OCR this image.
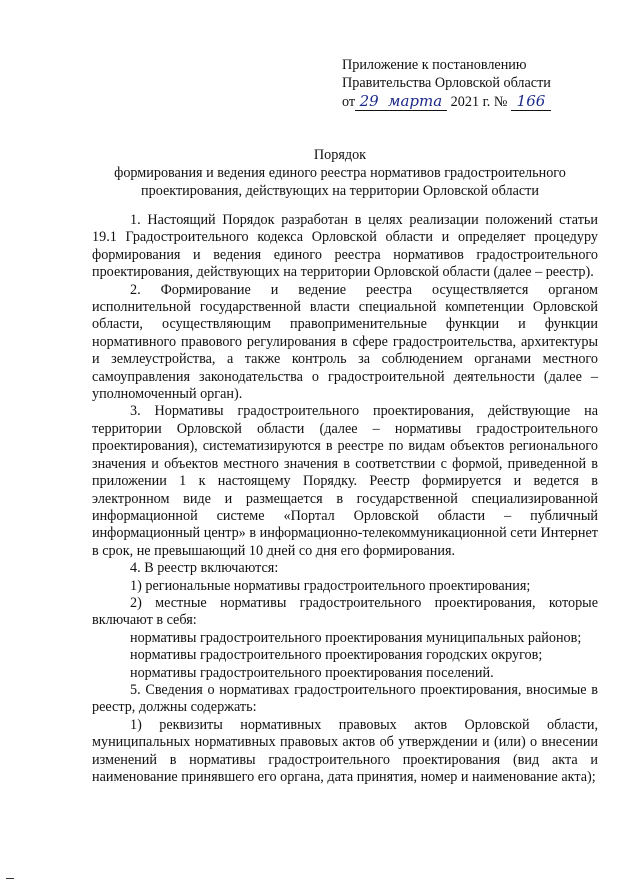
Приложение к постановлению
Правительства Орловской области
от 29 марта 2021 г. № 166
Порядок
формирования и ведения единого реестра нормативов градостроительного
проектирования, действующих на территории Орловской области

1. Настоящий Порядок разработан в целях реализации положений статьи 19.1 Градостроительного кодекса Орловской области и определяет процедуру формирования и ведения единого реестра нормативов градостроительного проектирования, действующих на территории Орловской области (далее – реестр).

2. Формирование и ведение реестра осуществляется органом исполнительной государственной власти специальной компетенции Орловской области, осуществляющим правоприменительные функции и функции нормативного правового регулирования в сфере градостроительства, архитектуры и землеустройства, а также контроль за соблюдением органами местного самоуправления законодательства о градостроительной деятельности (далее – уполномоченный орган).

3. Нормативы градостроительного проектирования, действующие на территории Орловской области (далее – нормативы градостроительного проектирования), систематизируются в реестре по видам объектов регионального значения и объектов местного значения в соответствии с формой, приведенной в приложении 1 к настоящему Порядку. Реестр формируется и ведется в электронном виде и размещается в государственной специализированной информационной системе «Портал Орловской области – публичный информационный центр» в информационно-телекоммуникационной сети Интернет в срок, не превышающий 10 дней со дня его формирования.

4. В реестр включаются:

1) региональные нормативы градостроительного проектирования;

2) местные нормативы градостроительного проектирования, которые включают в себя:

нормативы градостроительного проектирования муниципальных районов;

нормативы градостроительного проектирования городских округов;

нормативы градостроительного проектирования поселений.

5. Сведения о нормативах градостроительного проектирования, вносимые в реестр, должны содержать:

1) реквизиты нормативных правовых актов Орловской области, муниципальных нормативных правовых актов об утверждении и (или) о внесении изменений в нормативы градостроительного проектирования (вид акта и наименование принявшего его органа, дата принятия, номер и наименование акта);
